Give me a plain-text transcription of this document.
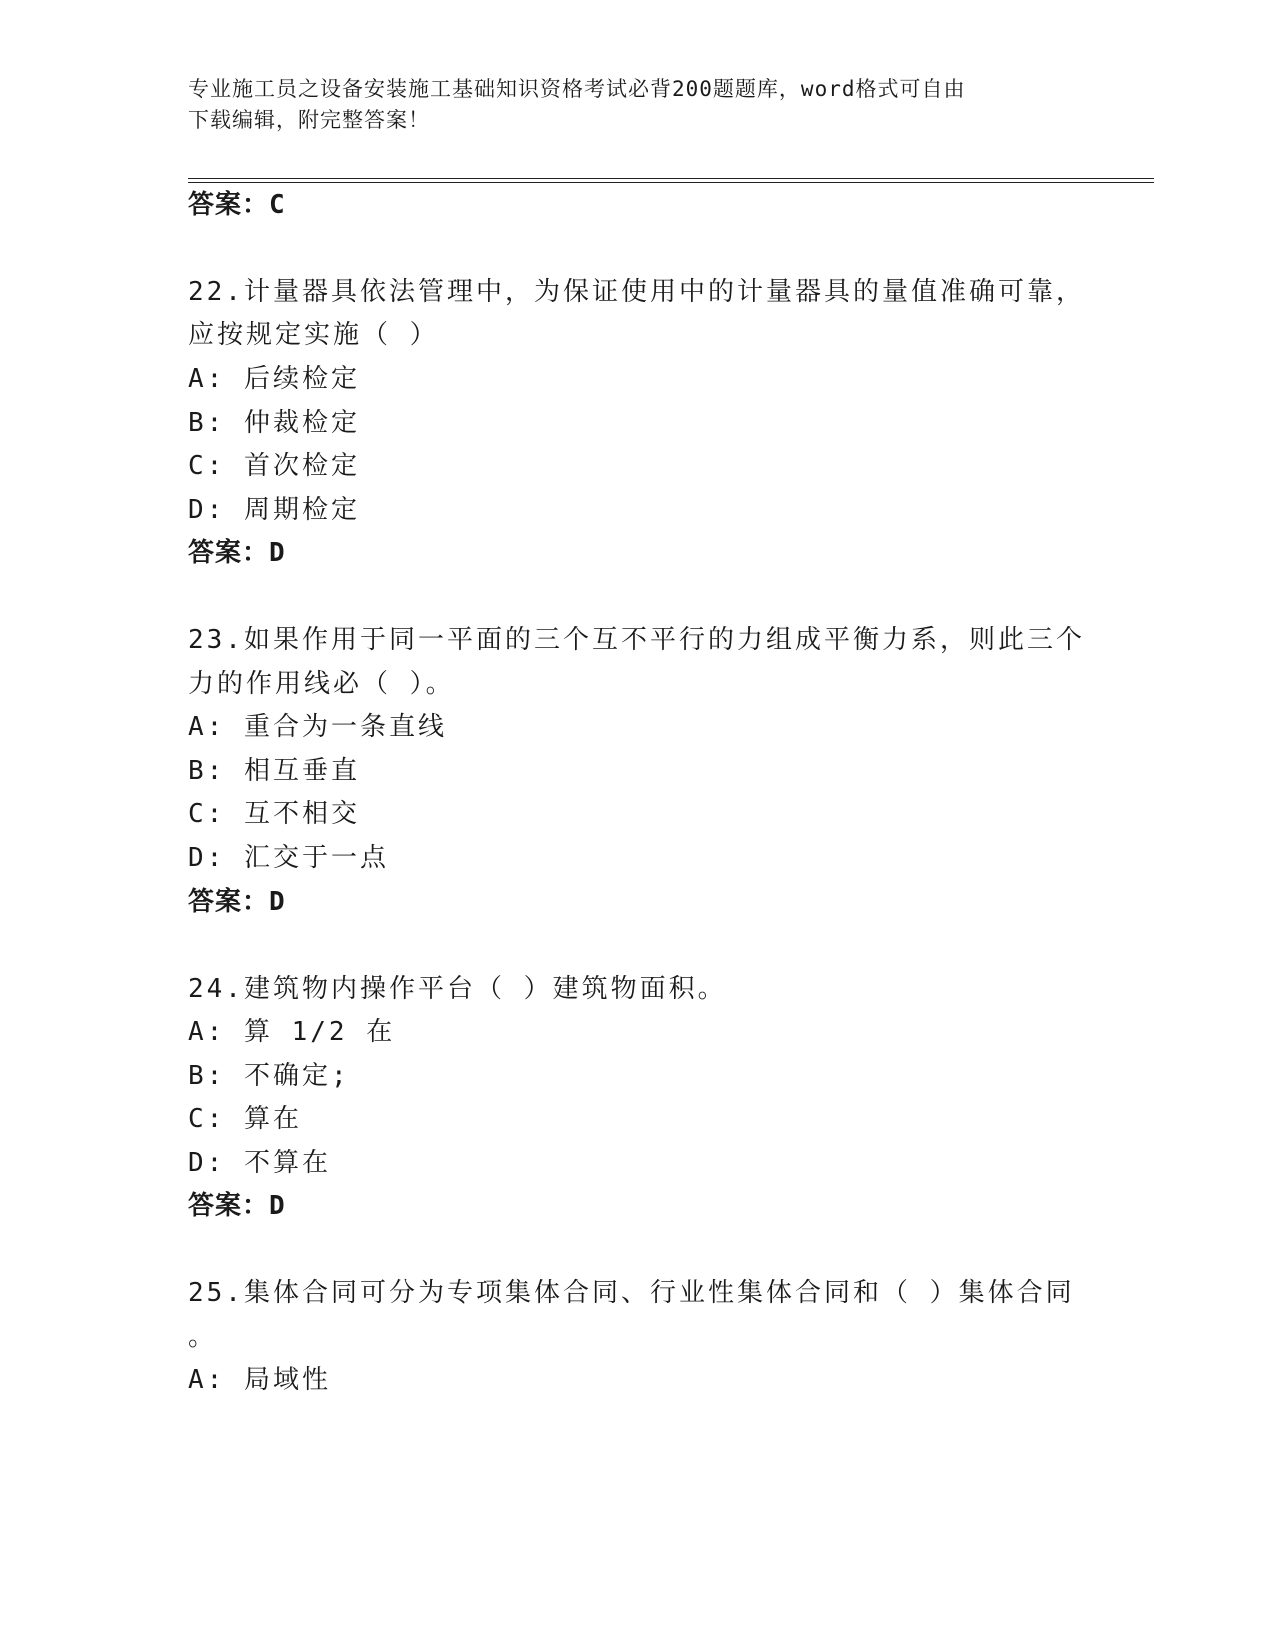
专业施工员之设备安装施工基础知识资格考试必背200题题库，word格式可自由
下载编辑，附完整答案！
答案：C
22.计量器具依法管理中，为保证使用中的计量器具的量值准确可靠，
应按规定实施（ ）
A: 后续检定
B: 仲裁检定
C: 首次检定
D: 周期检定
答案：D
23.如果作用于同一平面的三个互不平行的力组成平衡力系，则此三个
力的作用线必（ ）。
A: 重合为一条直线
B: 相互垂直
C: 互不相交
D: 汇交于一点
答案：D
24.建筑物内操作平台（ ）建筑物面积。
A: 算 1/2 在
B: 不确定;
C: 算在
D: 不算在
答案：D
25.集体合同可分为专项集体合同、行业性集体合同和（ ）集体合同
。
A: 局域性
